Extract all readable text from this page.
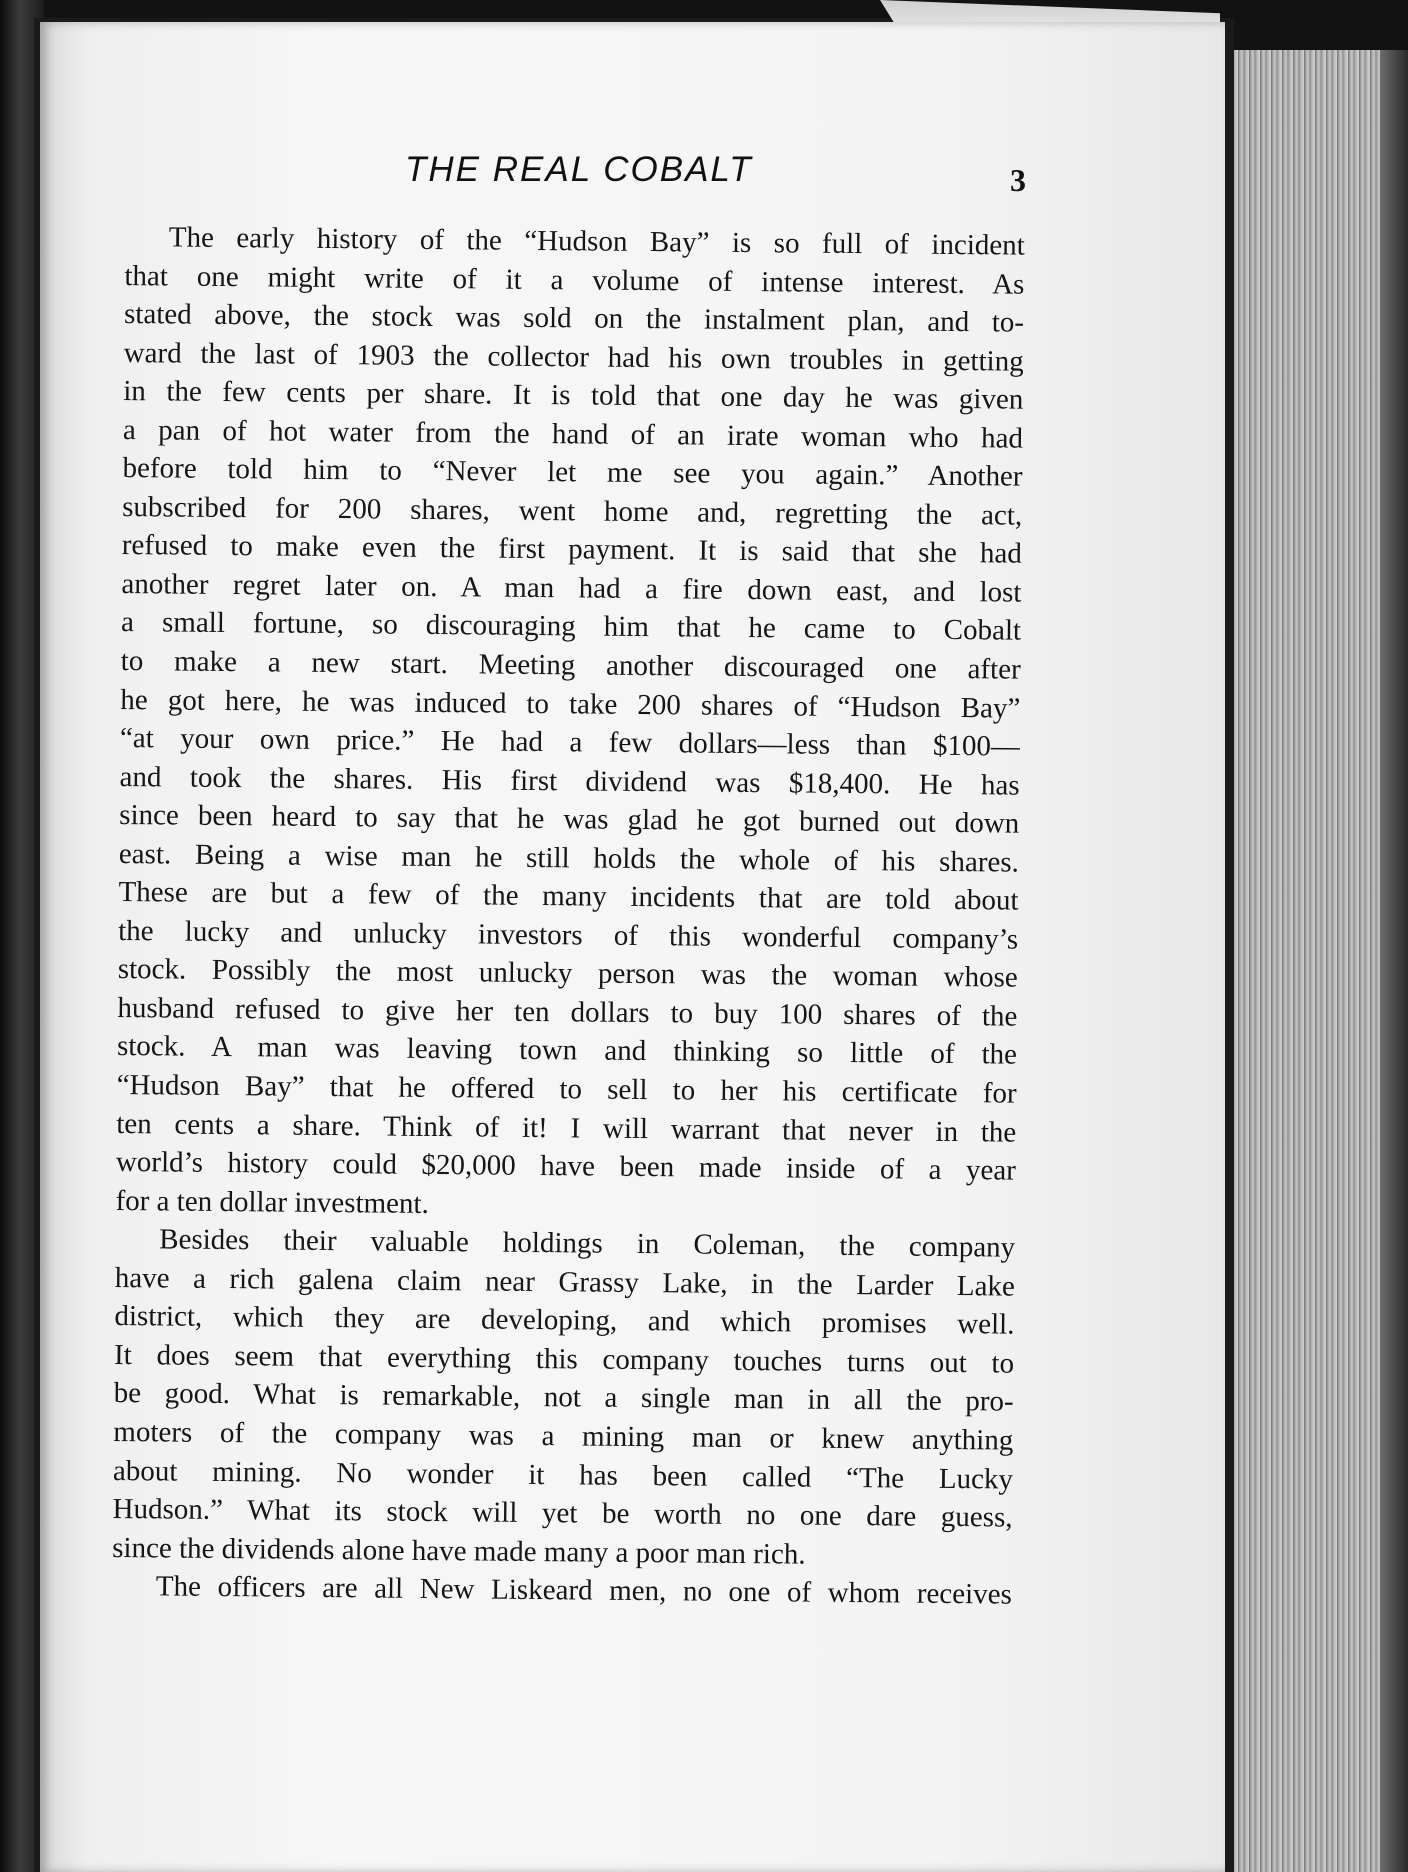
THE REAL COBALT	3
The early history of the “Hudson Bay” is so full of incident
that one might write of it a volume of intense interest. As
stated above, the stock was sold on the instalment plan, and to-
ward the last of 1903 the collector had his own troubles in getting
in the few cents per share. It is told that one day he was given
a pan of hot water from the hand of an irate woman who had
before told him to “Never let me see you again.” Another
subscribed for 200 shares, went home and, regretting the act,
refused to make even the first payment. It is said that she had
another regret later on. A man had a fire down east, and lost
a small fortune, so discouraging him that he came to Cobalt
to make a new start. Meeting another discouraged one after
he got here, he was induced to take 200 shares of “Hudson Bay”
“at your own price.” He had a few dollars—less than $100—
and took the shares. His first dividend was $18,400. He has
since been heard to say that he was glad he got burned out down
east. Being a wise man he still holds the whole of his shares.
These are but a few of the many incidents that are told about
the lucky and unlucky investors of this wonderful company’s
stock. Possibly the most unlucky person was the woman whose
husband refused to give her ten dollars to buy 100 shares of the
stock. A man was leaving town and thinking so little of the
“Hudson Bay” that he offered to sell to her his certificate for
ten cents a share. Think of it! I will warrant that never in the
world’s history could $20,000 have been made inside of a year
for a ten dollar investment.
Besides their valuable holdings in Coleman, the company
have a rich galena claim near Grassy Lake, in the Larder Lake
district, which they are developing, and which promises well.
It does seem that everything this company touches turns out to
be good. What is remarkable, not a single man in all the pro-
moters of the company was a mining man or knew anything
about mining. No wonder it has been called “The Lucky
Hudson.” What its stock will yet be worth no one dare guess,
since the dividends alone have made many a poor man rich.
The officers are all New Liskeard men, no one of whom receives
